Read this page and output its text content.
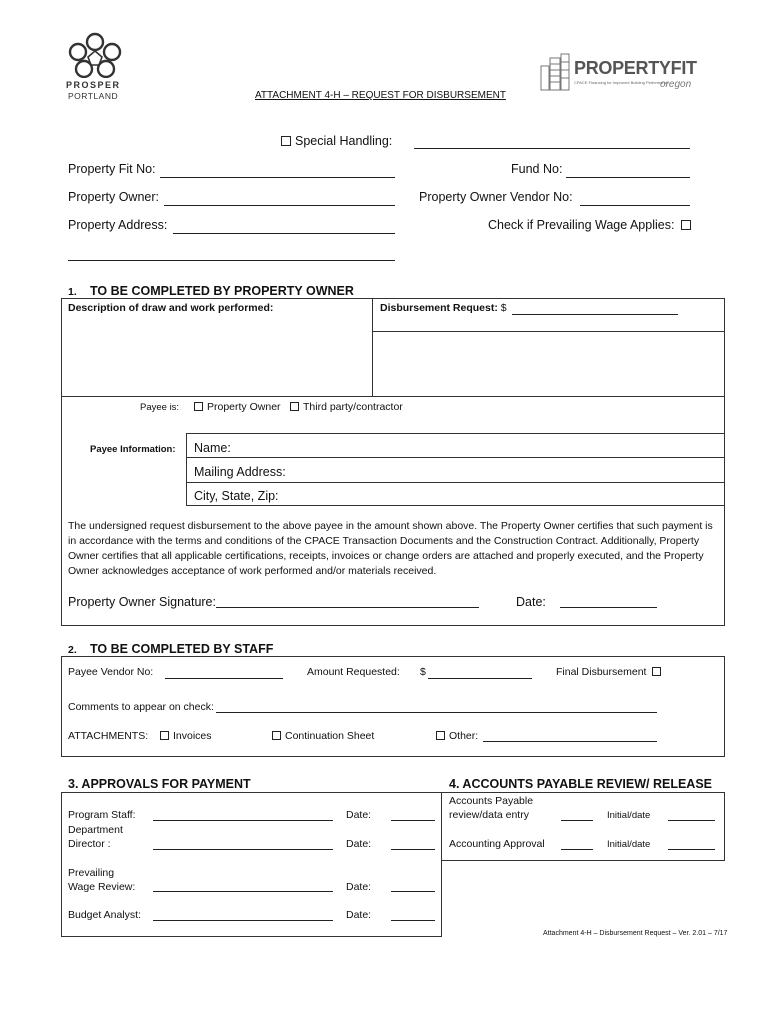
PROSPER
PORTLAND
PROPERTYFIT
CPACE Financing for Improved Building Performance
oregon
ATTACHMENT 4-H – REQUEST FOR DISBURSEMENT
Special Handling:
Property Fit No:	Fund No:
Property Owner:	Property Owner Vendor No:
Property Address:	Check if Prevailing Wage Applies:
1. TO BE COMPLETED BY PROPERTY OWNER
Description of draw and work performed:	Disbursement Request: $
Payee is:	Property Owner	Third party/contractor
Payee Information: Name:
Mailing Address:
City, State, Zip:
The undersigned request disbursement to the above payee in the amount shown above. The Property Owner certifies that such payment is
in accordance with the terms and conditions of the CPACE Transaction Documents and the Construction Contract. Additionally, Property
Owner certifies that all applicable certifications, receipts, invoices or change orders are attached and properly executed, and the Property
Owner acknowledges acceptance of work performed and/or materials received.
Property Owner Signature:	Date:
2. TO BE COMPLETED BY STAFF
Payee Vendor No:	Amount Requested: $	Final Disbursement
Comments to appear on check:
ATTACHMENTS:	Invoices	Continuation Sheet	Other:
3. APPROVALS FOR PAYMENT	4. ACCOUNTS PAYABLE REVIEW/ RELEASE
Program Staff:	Date:
Department
Director :	Date:
Prevailing
Wage Review:	Date:
Budget Analyst:	Date:
Accounts Payable
review/data entry	Initial/date
Accounting Approval	Initial/date
Attachment 4-H – Disbursement Request – Ver. 2.01 – 7/17
